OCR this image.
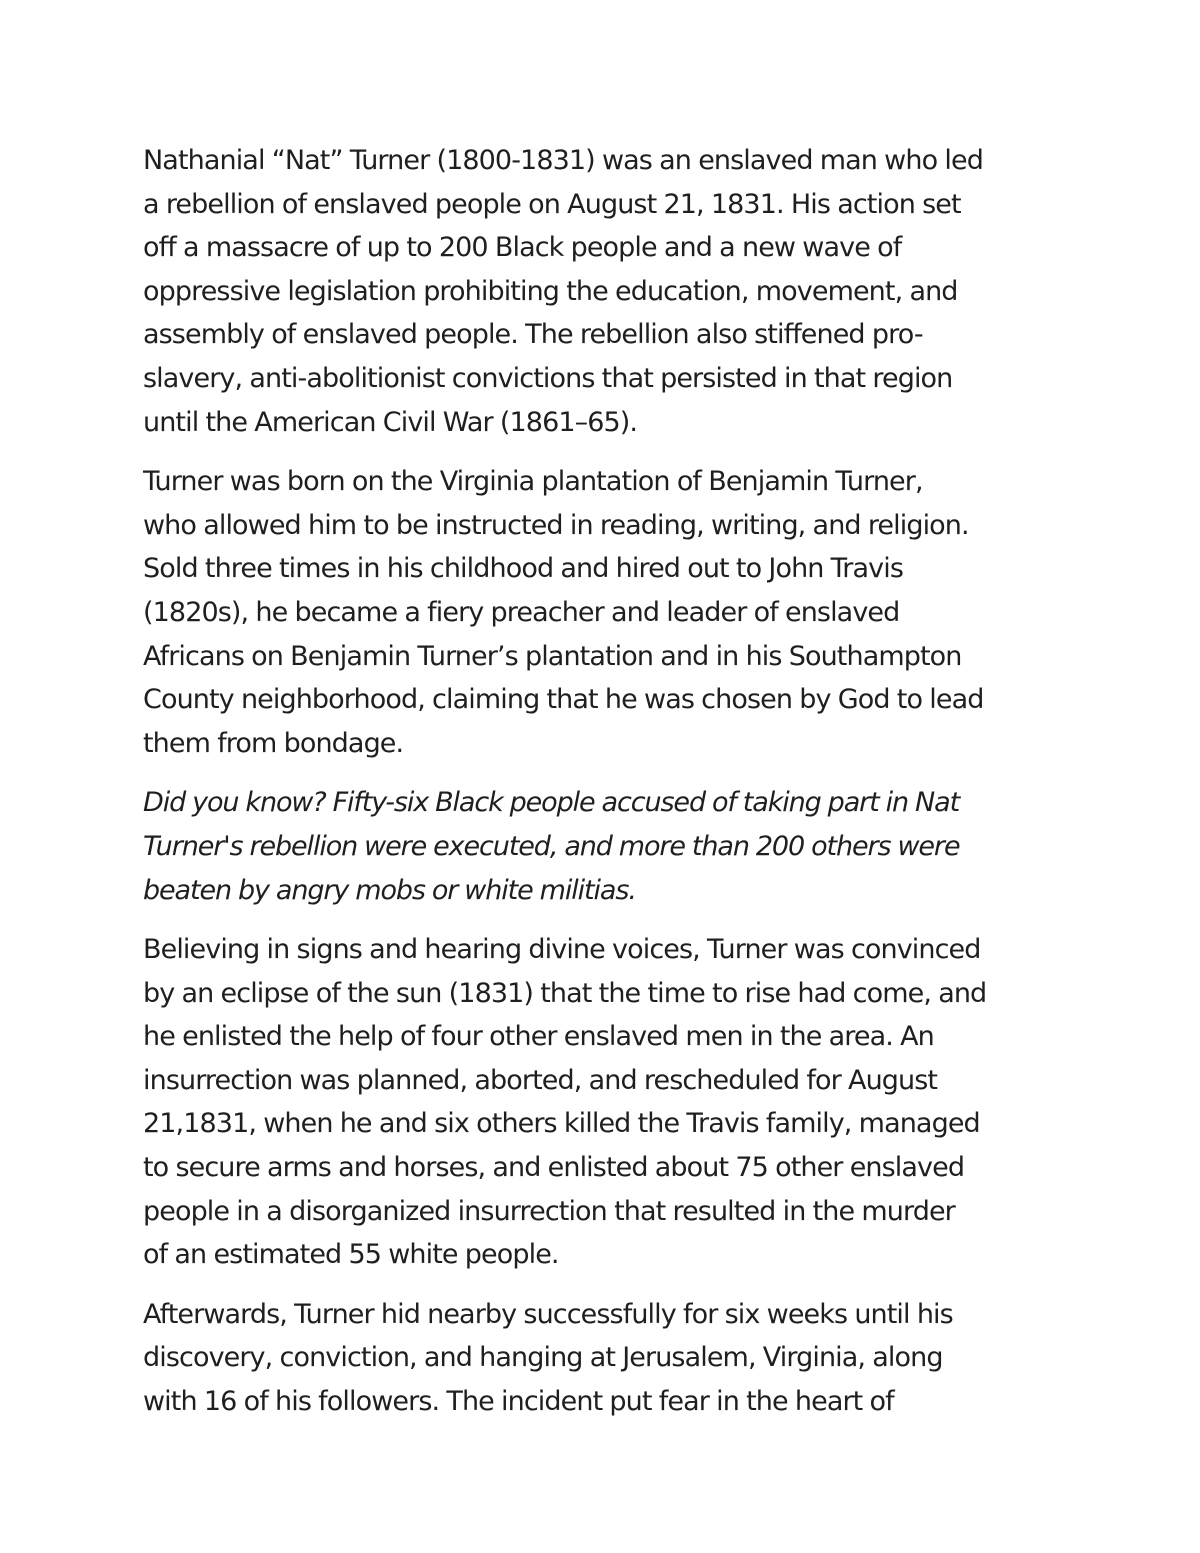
Nathanial “Nat” Turner (1800-1831) was an enslaved man who led
a rebellion of enslaved people on August 21, 1831. His action set
off a massacre of up to 200 Black people and a new wave of
oppressive legislation prohibiting the education, movement, and
assembly of enslaved people. The rebellion also stiffened pro-
slavery, anti-abolitionist convictions that persisted in that region
until the American Civil War (1861–65).

Turner was born on the Virginia plantation of Benjamin Turner,
who allowed him to be instructed in reading, writing, and religion.
Sold three times in his childhood and hired out to John Travis
(1820s), he became a fiery preacher and leader of enslaved
Africans on Benjamin Turner’s plantation and in his Southampton
County neighborhood, claiming that he was chosen by God to lead
them from bondage.

Did you know? Fifty-six Black people accused of taking part in Nat
Turner's rebellion were executed, and more than 200 others were
beaten by angry mobs or white militias.

Believing in signs and hearing divine voices, Turner was convinced
by an eclipse of the sun (1831) that the time to rise had come, and
he enlisted the help of four other enslaved men in the area. An
insurrection was planned, aborted, and rescheduled for August
21,1831, when he and six others killed the Travis family, managed
to secure arms and horses, and enlisted about 75 other enslaved
people in a disorganized insurrection that resulted in the murder
of an estimated 55 white people.

Afterwards, Turner hid nearby successfully for six weeks until his
discovery, conviction, and hanging at Jerusalem, Virginia, along
with 16 of his followers. The incident put fear in the heart of
